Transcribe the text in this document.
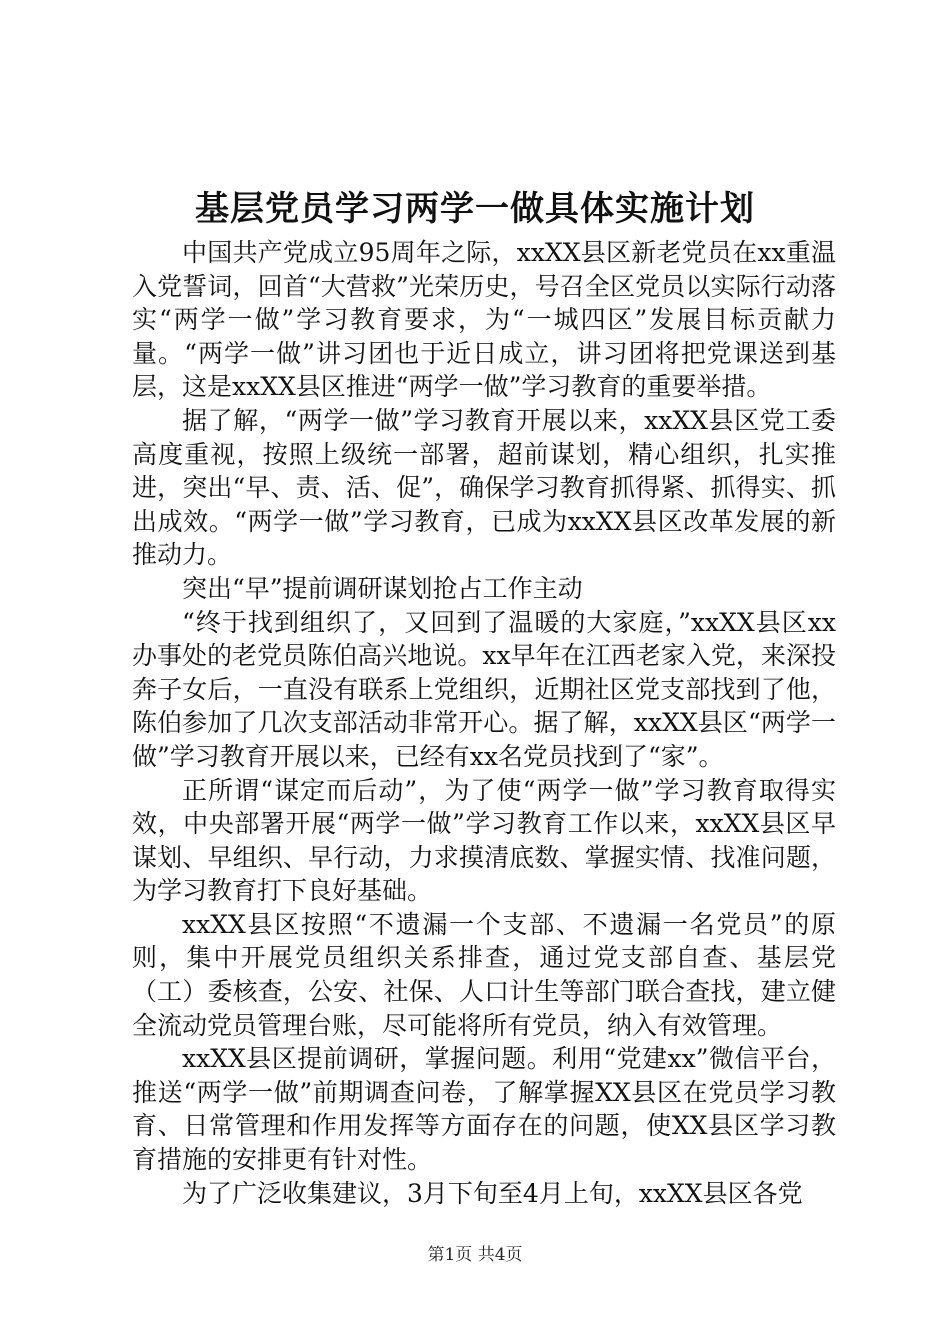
基层党员学习两学一做具体实施计划

中国共产党成立95周年之际，xxXX县区新老党员在xx重温入党誓词，回首“大营救”光荣历史，号召全区党员以实际行动落实“两学一做”学习教育要求，为“一城四区”发展目标贡献力量。“两学一做”讲习团也于近日成立，讲习团将把党课送到基层，这是xxXX县区推进“两学一做”学习教育的重要举措。

据了解，“两学一做”学习教育开展以来，xxXX县区党工委高度重视，按照上级统一部署，超前谋划，精心组织，扎实推进，突出“早、责、活、促”，确保学习教育抓得紧、抓得实、抓出成效。“两学一做”学习教育，已成为xxXX县区改革发展的新推动力。

突出“早”提前调研谋划抢占工作主动

“终于找到组织了，又回到了温暖的大家庭，”xxXX县区xx办事处的老党员陈伯高兴地说。xx早年在江西老家入党，来深投奔子女后，一直没有联系上党组织，近期社区党支部找到了他，陈伯参加了几次支部活动非常开心。据了解，xxXX县区“两学一做”学习教育开展以来，已经有xx名党员找到了“家”。

正所谓“谋定而后动”，为了使“两学一做”学习教育取得实效，中央部署开展“两学一做”学习教育工作以来，xxXX县区早谋划、早组织、早行动，力求摸清底数、掌握实情、找准问题，为学习教育打下良好基础。

xxXX县区按照“不遗漏一个支部、不遗漏一名党员”的原则，集中开展党员组织关系排查，通过党支部自查、基层党（工）委核查，公安、社保、人口计生等部门联合查找，建立健全流动党员管理台账，尽可能将所有党员，纳入有效管理。

xxXX县区提前调研，掌握问题。利用“党建xx”微信平台，推送“两学一做”前期调查问卷，了解掌握XX县区在党员学习教育、日常管理和作用发挥等方面存在的问题，使XX县区学习教育措施的安排更有针对性。

为了广泛收集建议，3月下旬至4月上旬，xxXX县区各党

第1页 共4页
